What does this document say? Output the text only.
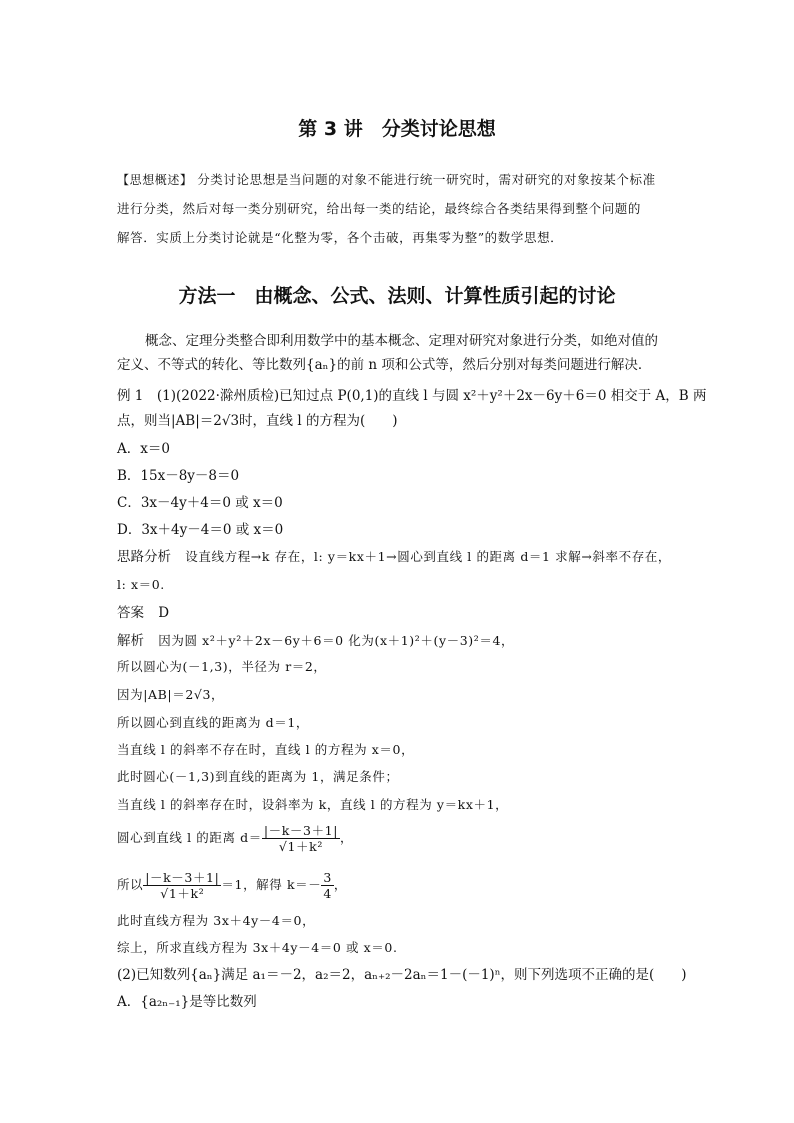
第 3 讲　分类讨论思想
【思想概述】 分类讨论思想是当问题的对象不能进行统一研究时，需对研究的对象按某个标准
进行分类，然后对每一类分别研究，给出每一类的结论，最终综合各类结果得到整个问题的
解答．实质上分类讨论就是“化整为零，各个击破，再集零为整”的数学思想．
方法一　由概念、公式、法则、计算性质引起的讨论
概念、定理分类整合即利用数学中的基本概念、定理对研究对象进行分类，如绝对值的
定义、不等式的转化、等比数列{aₙ}的前 n 项和公式等，然后分别对每类问题进行解决．
例 1　(1)(2022·滁州质检)已知过点 P(0,1)的直线 l 与圆 x²＋y²＋2x－6y＋6＝0 相交于 A，B 两
点，则当|AB|＝2√3时，直线 l 的方程为(　　)
A．x＝0
B．15x－8y－8＝0
C．3x－4y＋4＝0 或 x＝0
D．3x＋4y－4＝0 或 x＝0
思路分析 设直线方程→k 存在，l: y＝kx＋1→圆心到直线 l 的距离 d＝1 求解→斜率不存在，
l: x＝0.
答案 D
解析 因为圆 x²＋y²＋2x－6y＋6＝0 化为(x＋1)²＋(y－3)²＝4，
所以圆心为(－1,3)，半径为 r＝2，
因为|AB|＝2√3，
所以圆心到直线的距离为 d＝1，
当直线 l 的斜率不存在时，直线 l 的方程为 x＝0，
此时圆心(－1,3)到直线的距离为 1，满足条件；
当直线 l 的斜率存在时，设斜率为 k，直线 l 的方程为 y＝kx＋1，
圆心到直线 l 的距离 $d= \frac{|-k-3+1|}{\text{√1＋k²}}$ ，
所以 $\frac{|-k-3+1|}{\text{√1＋k²}} =1$，解得 $k=- \frac{3}{4}$ ，
此时直线方程为 3x＋4y－4＝0，
综上，所求直线方程为 3x＋4y－4＝0 或 x＝0.
(2)已知数列{aₙ}满足 a₁＝－2，a₂＝2，aₙ₊₂－2aₙ＝1－(－1)ⁿ，则下列选项不正确的是(　　)
A．{a₂ₙ₋₁}是等比数列
